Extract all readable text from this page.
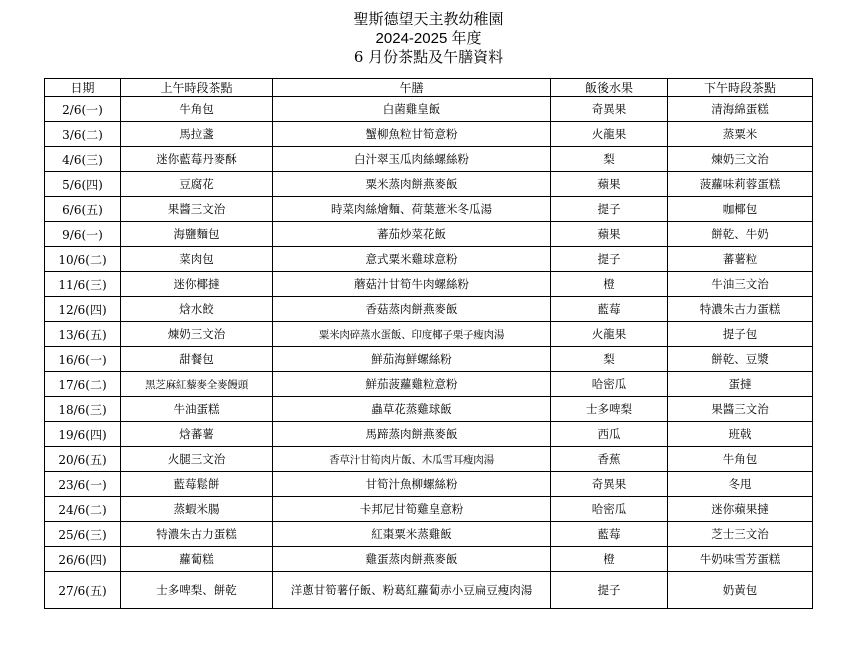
聖斯德望天主教幼稚園
2024-2025 年度
6 月份茶點及午膳資料
日期	上午時段茶點	午膳	飯後水果	下午時段茶點
2/6(一)	牛角包	白菌雞皇飯	奇異果	清海綿蛋糕
3/6(二)	馬拉盞	蟹柳魚粒甘筍意粉	火龍果	蒸粟米
4/6(三)	迷你藍莓丹麥酥	白汁翠玉瓜肉絲螺絲粉	梨	煉奶三文治
5/6(四)	豆腐花	粟米蒸肉餅燕麥飯	蘋果	菠蘿味莉蓉蛋糕
6/6(五)	果醬三文治	時菜肉絲燴麵、荷葉薏米冬瓜湯	提子	咖椰包
9/6(一)	海鹽麵包	蕃茄炒菜花飯	蘋果	餅乾、牛奶
10/6(二)	菜肉包	意式粟米雞球意粉	提子	蕃薯粒
11/6(三)	迷你椰撻	蘑菇汁甘筍牛肉螺絲粉	橙	牛油三文治
12/6(四)	焓水餃	香菇蒸肉餅燕麥飯	藍莓	特濃朱古力蛋糕
13/6(五)	煉奶三文治	粟米肉碎蒸水蛋飯、印度椰子栗子瘦肉湯	火龍果	提子包
16/6(一)	甜餐包	鮮茄海鮮螺絲粉	梨	餅乾、豆漿
17/6(二)	黑芝麻紅藜麥全麥饅頭	鮮茄菠蘿雞粒意粉	哈密瓜	蛋撻
18/6(三)	牛油蛋糕	蟲草花蒸雞球飯	士多啤梨	果醬三文治
19/6(四)	焓蕃薯	馬蹄蒸肉餅燕麥飯	西瓜	班戟
20/6(五)	火腿三文治	香草汁甘筍肉片飯、木瓜雪耳瘦肉湯	香蕉	牛角包
23/6(一)	藍莓鬆餅	甘筍汁魚柳螺絲粉	奇異果	冬甩
24/6(二)	蒸蝦米腸	卡邦尼甘筍雞皇意粉	哈密瓜	迷你蘋果撻
25/6(三)	特濃朱古力蛋糕	紅棗粟米蒸雞飯	藍莓	芝士三文治
26/6(四)	蘿蔔糕	雞蛋蒸肉餅燕麥飯	橙	牛奶味雪芳蛋糕
27/6(五)	士多啤梨、餅乾	洋蔥甘筍薯仔飯、粉葛紅蘿蔔赤小豆扁豆瘦肉湯	提子	奶黃包
